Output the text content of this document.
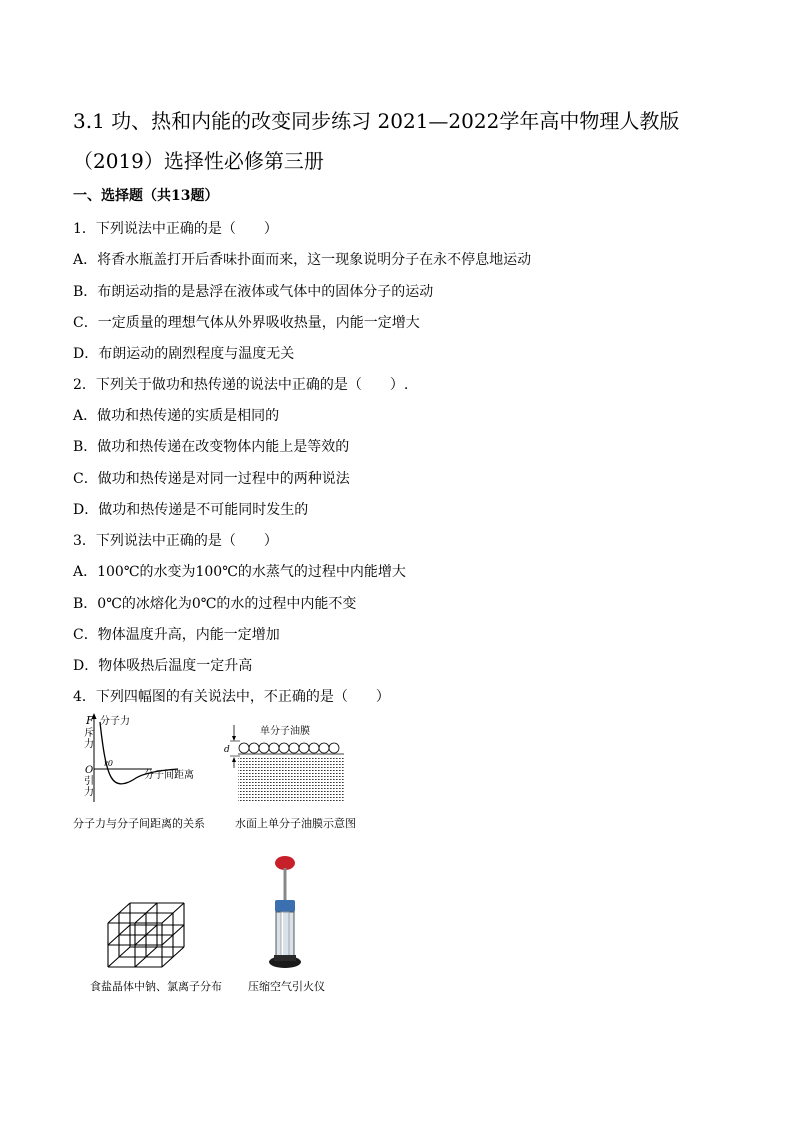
3.1 功、热和内能的改变同步练习 2021—2022学年高中物理人教版
（2019）选择性必修第三册
一、选择题（共13题）
1．下列说法中正确的是（　　）
A．将香水瓶盖打开后香味扑面而来，这一现象说明分子在永不停息地运动
B．布朗运动指的是悬浮在液体或气体中的固体分子的运动
C．一定质量的理想气体从外界吸收热量，内能一定增大
D．布朗运动的剧烈程度与温度无关
2．下列关于做功和热传递的说法中正确的是（　　）.
A．做功和热传递的实质是相同的
B．做功和热传递在改变物体内能上是等效的
C．做功和热传递是对同一过程中的两种说法
D．做功和热传递是不可能同时发生的
3．下列说法中正确的是（　　）
A．100℃的水变为100℃的水蒸气的过程中内能增大
B．0℃的冰熔化为0℃的水的过程中内能不变
C．物体温度升高，内能一定增加
D．物体吸热后温度一定升高
4．下列四幅图的有关说法中，不正确的是（　　）
F
斥力
分子力
O
引力
r0
分子间距离
分子力与分子间距离的关系
d
单分子油膜
水面上单分子油膜示意图
食盐晶体中钠、氯离子分布 压缩空气引火仪
